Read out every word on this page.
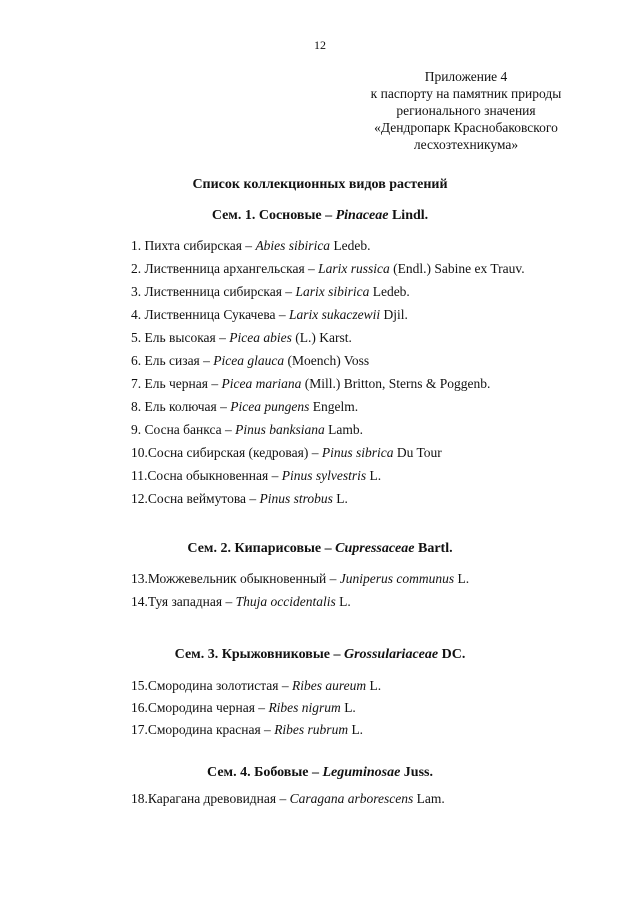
12
Приложение 4
к паспорту на памятник природы
регионального значения
«Дендропарк Краснобаковского
лесхозтехникума»
Список коллекционных видов растений
Сем. 1. Сосновые – Pinaceae Lindl.
1. Пихта сибирская – Abies sibirica Ledeb.
2. Лиственница архангельская – Larix russica (Endl.) Sabine ex Trauv.
3. Лиственница сибирская – Larix sibirica Ledeb.
4. Лиственница Сукачева – Larix sukaczewii Djil.
5. Ель высокая – Picea abies (L.) Karst.
6. Ель сизая – Picea glauca (Moench) Voss
7. Ель черная – Picea mariana (Mill.) Britton, Sterns & Poggenb.
8. Ель колючая – Picea pungens Engelm.
9. Сосна банкса – Pinus banksiana Lamb.
10.Сосна сибирская (кедровая) – Pinus sibrica Du Tour
11.Сосна обыкновенная – Pinus sylvestris L.
12.Сосна веймутова – Pinus strobus L.
Сем. 2. Кипарисовые – Cupressaceae Bartl.
13.Можжевельник обыкновенный – Juniperus communus L.
14.Туя западная – Thuja occidentalis L.
Сем. 3. Крыжовниковые – Grossulariaceae DC.
15.Смородина золотистая – Ribes aureum L.
16.Смородина черная – Ribes nigrum L.
17.Смородина красная – Ribes rubrum L.
Сем. 4. Бобовые – Leguminosae Juss.
18.Карагана древовидная – Caragana arborescens Lam.
